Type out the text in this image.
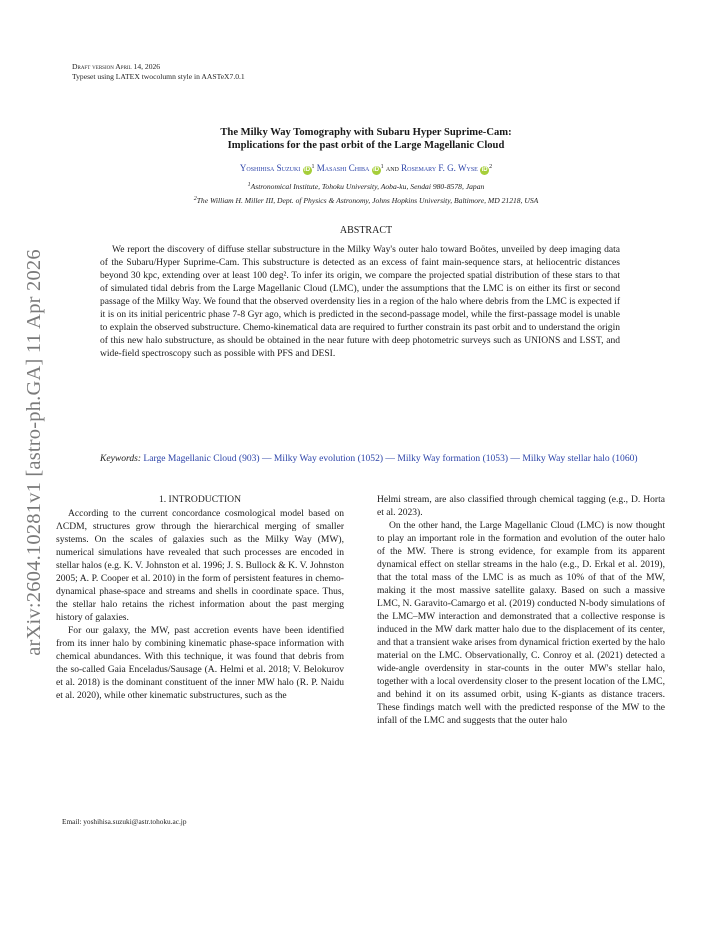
arXiv:2604.10281v1 [astro-ph.GA] 11 Apr 2026
Draft version April 14, 2026
Typeset using LATEX twocolumn style in AASTeX7.0.1
The Milky Way Tomography with Subaru Hyper Suprime-Cam:
Implications for the past orbit of the Large Magellanic Cloud
Yoshihisa Suzuki iD $^1$ Masashi Chiba iD $^1$ and Rosemary F. G. Wyse iD $^2$
$^1$Astronomical Institute, Tohoku University, Aoba-ku, Sendai 980-8578, Japan
$^2$The William H. Miller III, Dept. of Physics & Astronomy, Johns Hopkins University, Baltimore, MD 21218, USA
ABSTRACT
We report the discovery of diffuse stellar substructure in the Milky Way's outer halo toward Boötes, unveiled by deep imaging data of the Subaru/Hyper Suprime-Cam. This substructure is detected as an excess of faint main-sequence stars, at heliocentric distances beyond 30 kpc, extending over at least 100 deg². To infer its origin, we compare the projected spatial distribution of these stars to that of simulated tidal debris from the Large Magellanic Cloud (LMC), under the assumptions that the LMC is on either its first or second passage of the Milky Way. We found that the observed overdensity lies in a region of the halo where debris from the LMC is expected if it is on its initial pericentric phase 7-8 Gyr ago, which is predicted in the second-passage model, while the first-passage model is unable to explain the observed substructure. Chemo-kinematical data are required to further constrain its past orbit and to understand the origin of this new halo substructure, as should be obtained in the near future with deep photometric surveys such as UNIONS and LSST, and wide-field spectroscopy such as possible with PFS and DESI.
Keywords: Large Magellanic Cloud (903) — Milky Way evolution (1052) — Milky Way formation (1053) — Milky Way stellar halo (1060)
1. INTRODUCTION

According to the current concordance cosmological model based on ΛCDM, structures grow through the hierarchical merging of smaller systems. On the scales of galaxies such as the Milky Way (MW), numerical simulations have revealed that such processes are encoded in stellar halos (e.g. K. V. Johnston et al. 1996; J. S. Bullock & K. V. Johnston 2005; A. P. Cooper et al. 2010) in the form of persistent features in chemo-dynamical phase-space and streams and shells in coordinate space. Thus, the stellar halo retains the richest information about the past merging history of galaxies.

For our galaxy, the MW, past accretion events have been identified from its inner halo by combining kinematic phase-space information with chemical abundances. With this technique, it was found that debris from the so-called Gaia Enceladus/Sausage (A. Helmi et al. 2018; V. Belokurov et al. 2018) is the dominant constituent of the inner MW halo (R. P. Naidu et al. 2020), while other kinematic substructures, such as the

Helmi stream, are also classified through chemical tagging (e.g., D. Horta et al. 2023).

On the other hand, the Large Magellanic Cloud (LMC) is now thought to play an important role in the formation and evolution of the outer halo of the MW. There is strong evidence, for example from its apparent dynamical effect on stellar streams in the halo (e.g., D. Erkal et al. 2019), that the total mass of the LMC is as much as 10% of that of the MW, making it the most massive satellite galaxy. Based on such a massive LMC, N. Garavito-Camargo et al. (2019) conducted N-body simulations of the LMC–MW interaction and demonstrated that a collective response is induced in the MW dark matter halo due to the displacement of its center, and that a transient wake arises from dynamical friction exerted by the halo material on the LMC. Observationally, C. Conroy et al. (2021) detected a wide-angle overdensity in star-counts in the outer MW's stellar halo, together with a local overdensity closer to the present location of the LMC, and behind it on its assumed orbit, using K-giants as distance tracers. These findings match well with the predicted response of the MW to the infall of the LMC and suggests that the outer halo

Email: yoshihisa.suzuki@astr.tohoku.ac.jp
